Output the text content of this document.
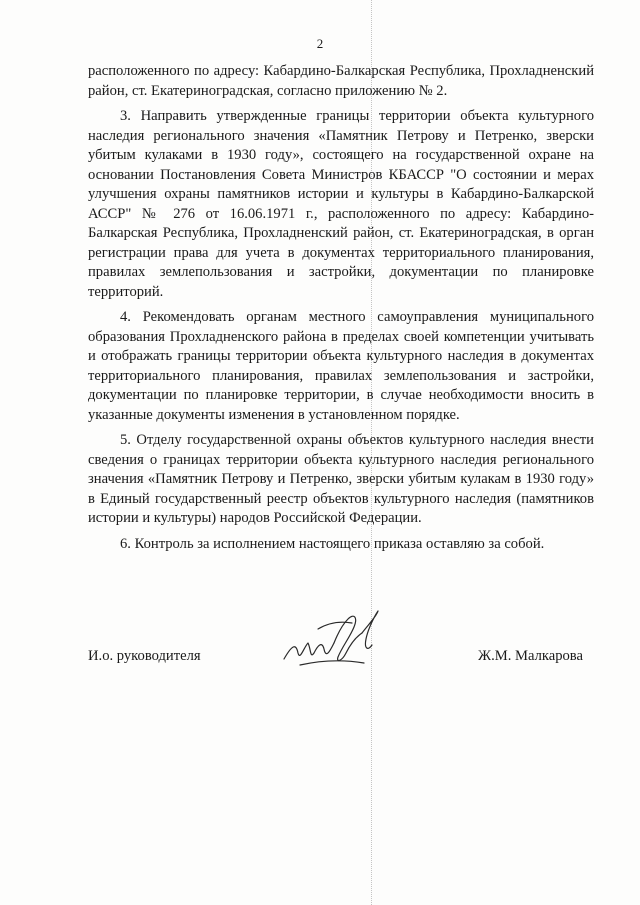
2

расположенного по адресу: Кабардино-Балкарская Республика, Прохладненский район, ст. Екатериноградская, согласно приложению № 2.

3. Направить утвержденные границы территории объекта культурного наследия регионального значения «Памятник Петрову и Петренко, зверски убитым кулаками в 1930 году», состоящего на государственной охране на основании Постановления Совета Министров КБАССР "О состоянии и мерах улучшения охраны памятников истории и культуры в Кабардино-Балкарской АССР" № 276 от 16.06.1971 г., расположенного по адресу: Кабардино-Балкарская Республика, Прохладненский район, ст. Екатериноградская, в орган регистрации права для учета в документах территориального планирования, правилах землепользования и застройки, документации по планировке территорий.

4. Рекомендовать органам местного самоуправления муниципального образования Прохладненского района в пределах своей компетенции учитывать и отображать границы территории объекта культурного наследия в документах территориального планирования, правилах землепользования и застройки, документации по планировке территории, в случае необходимости вносить в указанные документы изменения в установленном порядке.

5. Отделу государственной охраны объектов культурного наследия внести сведения о границах территории объекта культурного наследия регионального значения «Памятник Петрову и Петренко, зверски убитым кулакам в 1930 году» в Единый государственный реестр объектов культурного наследия (памятников истории и культуры) народов Российской Федерации.

6. Контроль за исполнением настоящего приказа оставляю за собой.

И.о. руководителя	Ж.М. Малкарова
